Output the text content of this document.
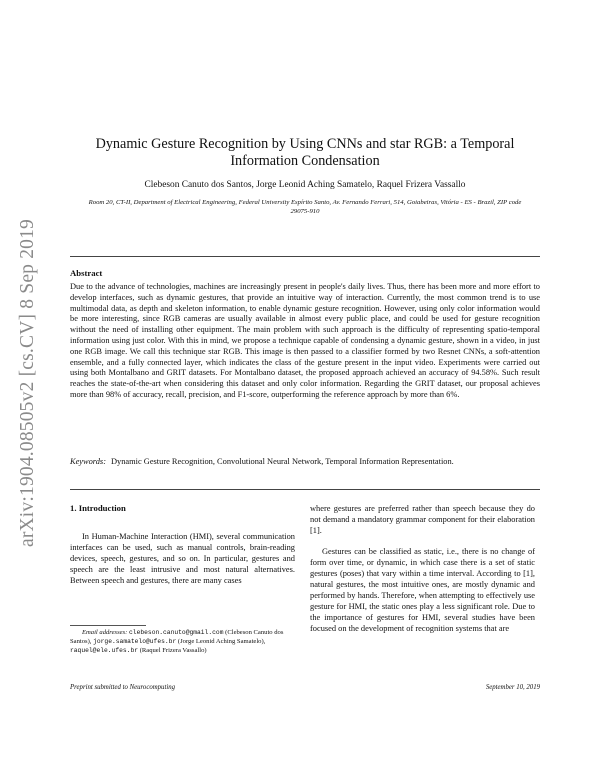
arXiv:1904.08505v2 [cs.CV] 8 Sep 2019
Dynamic Gesture Recognition by Using CNNs and star RGB: a Temporal Information Condensation

Clebeson Canuto dos Santos, Jorge Leonid Aching Samatelo, Raquel Frizera Vassallo

Room 20, CT-II, Department of Electrical Engineering, Federal University Espírito Santo, Av. Fernando Ferrari, 514, Goiabeiras, Vitória - ES - Brazil, ZIP code 29075-910

Abstract

Due to the advance of technologies, machines are increasingly present in people's daily lives. Thus, there has been more and more effort to develop interfaces, such as dynamic gestures, that provide an intuitive way of interaction. Currently, the most common trend is to use multimodal data, as depth and skeleton information, to enable dynamic gesture recognition. However, using only color information would be more interesting, since RGB cameras are usually available in almost every public place, and could be used for gesture recognition without the need of installing other equipment. The main problem with such approach is the difficulty of representing spatio-temporal information using just color. With this in mind, we propose a technique capable of condensing a dynamic gesture, shown in a video, in just one RGB image. We call this technique star RGB. This image is then passed to a classifier formed by two Resnet CNNs, a soft-attention ensemble, and a fully connected layer, which indicates the class of the gesture present in the input video. Experiments were carried out using both Montalbano and GRIT datasets. For Montalbano dataset, the proposed approach achieved an accuracy of 94.58%. Such result reaches the state-of-the-art when considering this dataset and only color information. Regarding the GRIT dataset, our proposal achieves more than 98% of accuracy, recall, precision, and F1-score, outperforming the reference approach by more than 6%.

Keywords: Dynamic Gesture Recognition, Convolutional Neural Network, Temporal Information Representation.

1. Introduction

In Human-Machine Interaction (HMI), several communication interfaces can be used, such as manual controls, brain-reading devices, speech, gestures, and so on. In particular, gestures and speech are the least intrusive and most natural alternatives. Between speech and gestures, there are many cases

where gestures are preferred rather than speech because they do not demand a mandatory grammar component for their elaboration [1].

Gestures can be classified as static, i.e., there is no change of form over time, or dynamic, in which case there is a set of static gestures (poses) that vary within a time interval. According to [1], natural gestures, the most intuitive ones, are mostly dynamic and performed by hands. Therefore, when attempting to effectively use gesture for HMI, the static ones play a less significant role. Due to the importance of gestures for HMI, several studies have been focused on the development of recognition systems that are

Email addresses: clebeson.canuto@gmail.com (Clebeson Canuto dos Santos), jorge.samatelo@ufes.br (Jorge Leonid Aching Samatelo), raquel@ele.ufes.br (Raquel Frizera Vassallo)

Preprint submitted to Neurocomputing	September 10, 2019
